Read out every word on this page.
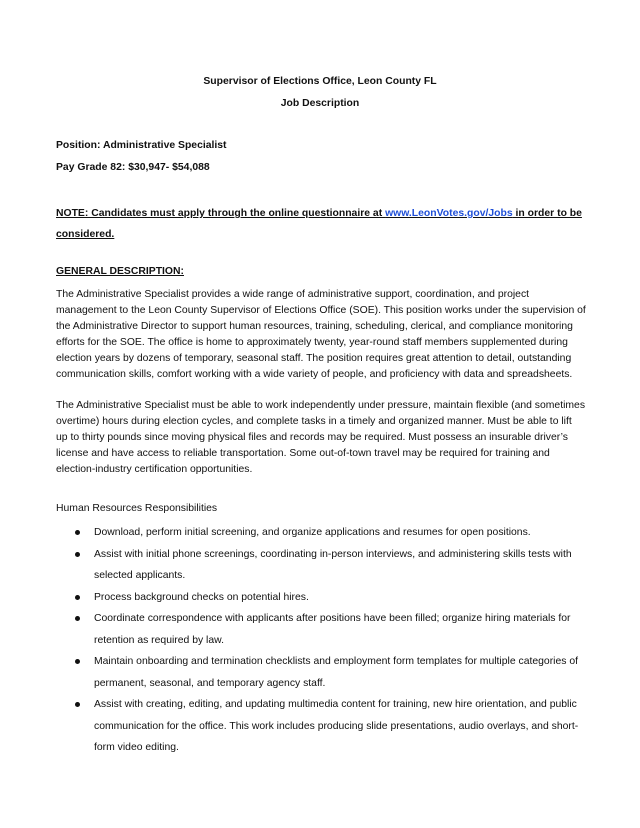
Supervisor of Elections Office, Leon County FL
Job Description
Position: Administrative Specialist
Pay Grade 82: $30,947- $54,088
NOTE: Candidates must apply through the online questionnaire at www.LeonVotes.gov/Jobs in order to be considered.
GENERAL DESCRIPTION:
The Administrative Specialist provides a wide range of administrative support, coordination, and project management to the Leon County Supervisor of Elections Office (SOE). This position works under the supervision of the Administrative Director to support human resources, training, scheduling, clerical, and compliance monitoring efforts for the SOE. The office is home to approximately twenty, year-round staff members supplemented during election years by dozens of temporary, seasonal staff. The position requires great attention to detail, outstanding communication skills, comfort working with a wide variety of people, and proficiency with data and spreadsheets.
The Administrative Specialist must be able to work independently under pressure, maintain flexible (and sometimes overtime) hours during election cycles, and complete tasks in a timely and organized manner. Must be able to lift up to thirty pounds since moving physical files and records may be required. Must possess an insurable driver’s license and have access to reliable transportation. Some out-of-town travel may be required for training and election-industry certification opportunities.
Human Resources Responsibilities
Download, perform initial screening, and organize applications and resumes for open positions.
Assist with initial phone screenings, coordinating in-person interviews, and administering skills tests with selected applicants.
Process background checks on potential hires.
Coordinate correspondence with applicants after positions have been filled; organize hiring materials for retention as required by law.
Maintain onboarding and termination checklists and employment form templates for multiple categories of permanent, seasonal, and temporary agency staff.
Assist with creating, editing, and updating multimedia content for training, new hire orientation, and public communication for the office. This work includes producing slide presentations, audio overlays, and short-form video editing.
